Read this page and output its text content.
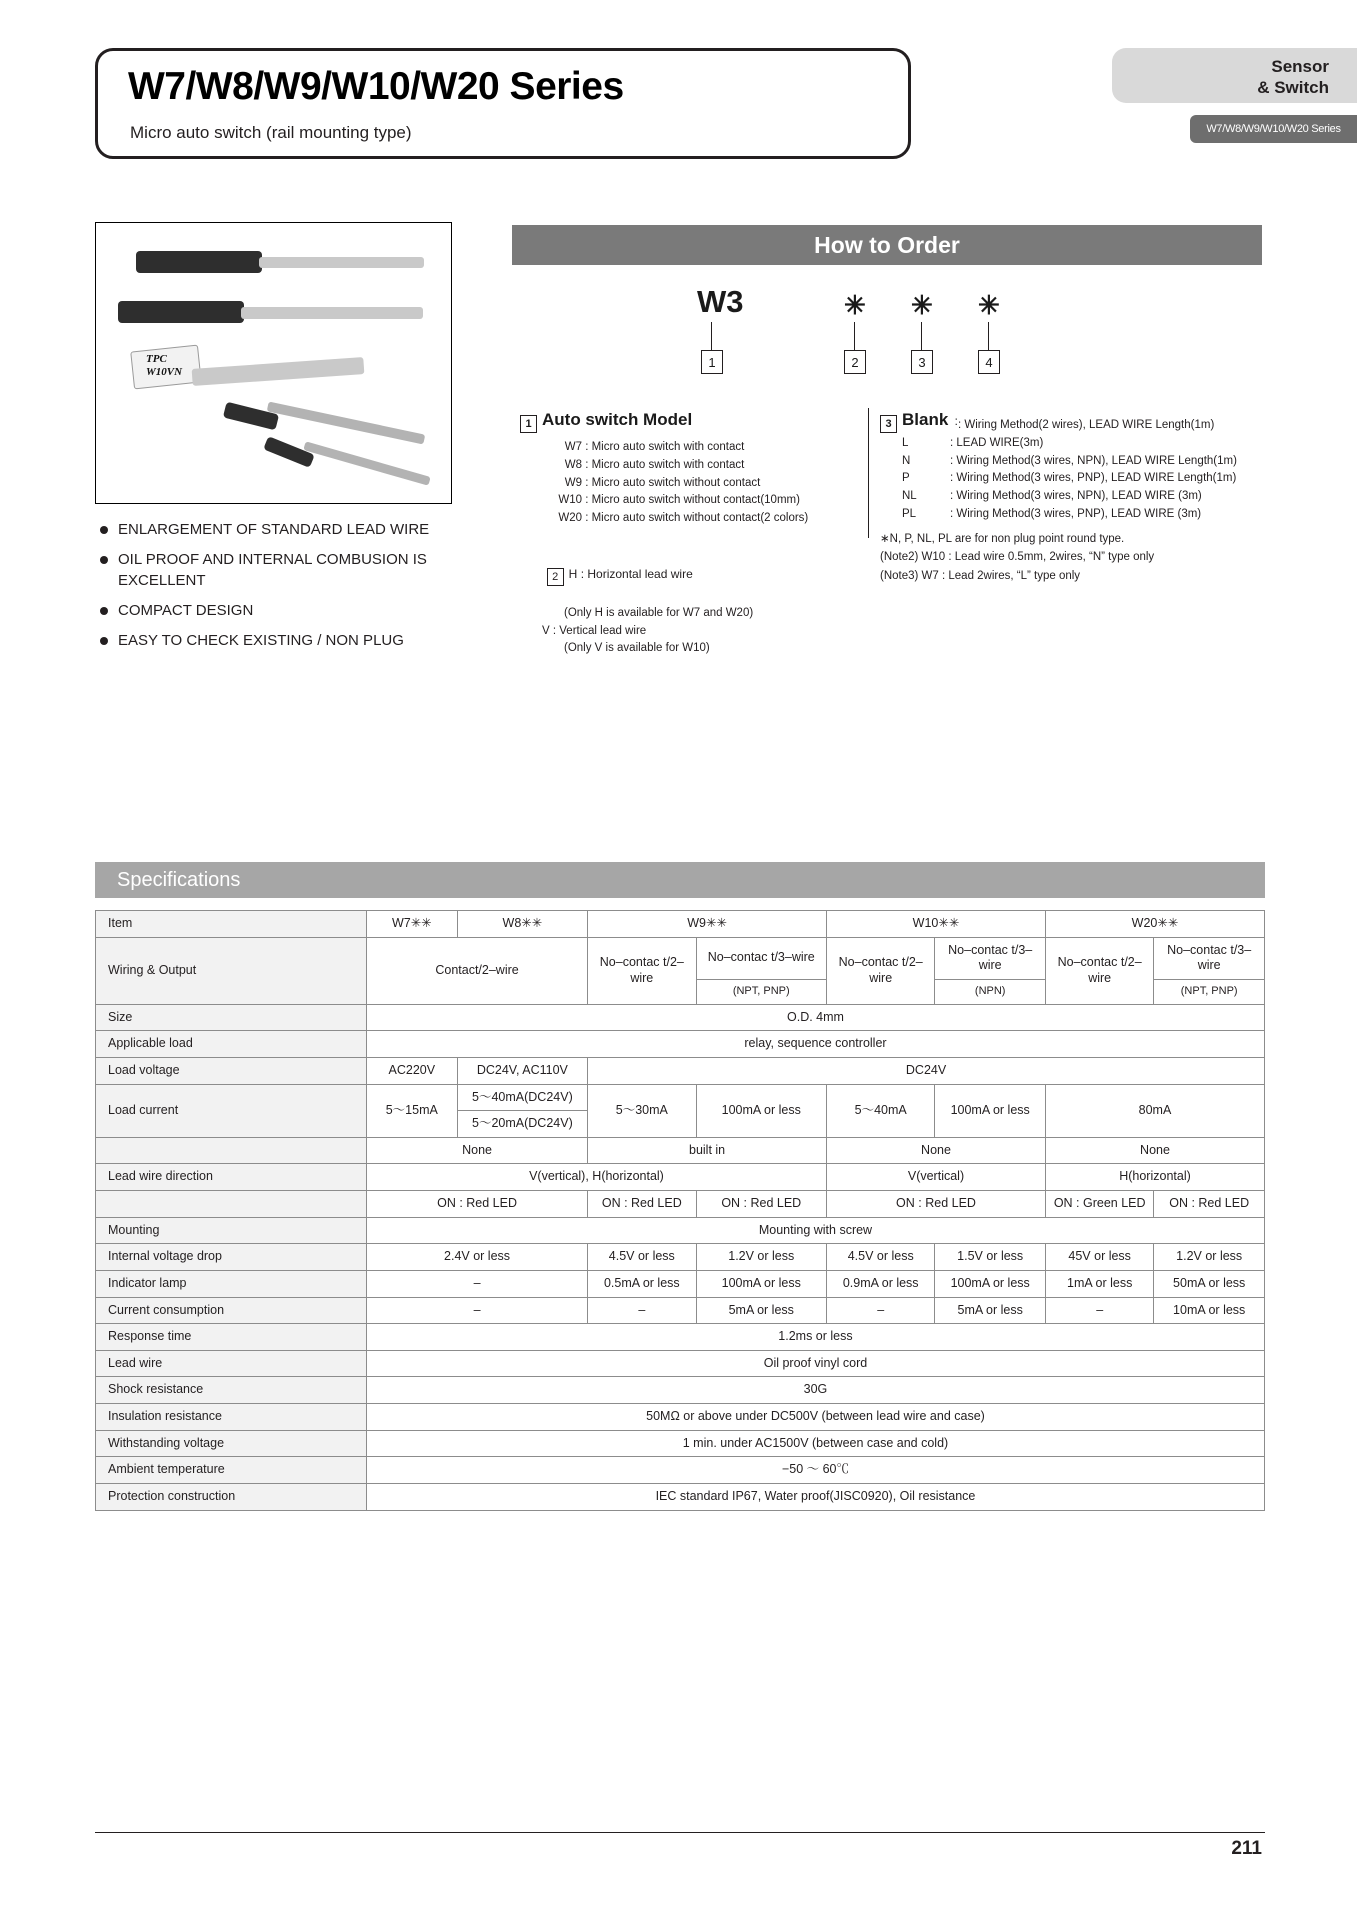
W7/W8/W9/W10/W20 Series
Micro auto switch (rail mounting type)
Sensor
& Switch
W7/W8/W9/W10/W20 Series
TPC
W10VN
ENLARGEMENT OF STANDARD LEAD WIRE
OIL PROOF AND INTERNAL COMBUSION IS EXCELLENT
COMPACT DESIGN
EASY TO CHECK EXISTING / NON PLUG
How to Order
W3	✳ ✳ ✳
1	2	3	4
1 Auto switch Model
W7 : Micro auto switch with contact
W8 : Micro auto switch with contact
W9 : Micro auto switch without contact
W10 : Micro auto switch without contact(10mm)
W20 : Micro auto switch without contact(2 colors)

2 H : Horizontal lead wire

(Only H is available for W7 and W20)
V : Vertical lead wire
(Only V is available for W10)
3 Blank  : : Wiring Method(2 wires), LEAD WIRE Length(1m)
L	: LEAD WIRE(3m)
N	: Wiring Method(3 wires, NPN), LEAD WIRE Length(1m)
P	: Wiring Method(3 wires, PNP), LEAD WIRE Length(1m)
NL	: Wiring Method(3 wires, NPN), LEAD WIRE (3m)
PL	: Wiring Method(3 wires, PNP), LEAD WIRE (3m)
∗N, P, NL, PL are for non plug point round type.
(Note2) W10 : Lead wire 0.5mm, 2wires, “N” type only
(Note3) W7 : Lead 2wires, “L” type only
Specifications
Item	W7✳✳	W8✳✳	W9✳✳		W10✳✳		W20✳✳	
Wiring & Output	Contact/2–wire		No–contac t/2–wire	No–contac t/3–wire	No–contac t/2–wire	No–contac t/3–wire	No–contac t/2–wire	No–contac t/3–wire
				(NPT, PNP)		(NPN)		(NPT, PNP)
Size	O.D. 4mm							
Applicable load	relay, sequence controller							
Load voltage	AC220V	DC24V, AC110V	DC24V					
Load current	5～15mA	5～40mA(DC24V)	5～30mA	100mA or less	5～40mA	100mA or less	80mA	
		5～20mA(DC24V)						
	None		built in		None		None	
Lead wire direction	V(vertical), H(horizontal)				V(vertical)		H(horizontal)	
	ON : Red LED		ON : Red LED	ON : Red LED	ON : Red LED		ON : Green LED	ON : Red LED
Mounting	Mounting with screw							
Internal voltage drop	2.4V or less		4.5V or less	1.2V or less	4.5V or less	1.5V or less	45V or less	1.2V or less
Indicator lamp	–		0.5mA or less	100mA or less	0.9mA or less	100mA or less	1mA or less	50mA or less
Current consumption	–		–	5mA or less	–	5mA or less	–	10mA or less
Response time	1.2ms or less							
Lead wire	Oil proof vinyl cord							
Shock resistance	30G							
Insulation resistance	50MΩ or above under DC500V (between lead wire and case)							
Withstanding voltage	1 min. under AC1500V (between case and cold)							
Ambient temperature	−50 ～ 60℃							
Protection construction	IEC standard IP67, Water proof(JISC0920), Oil resistance							
211
